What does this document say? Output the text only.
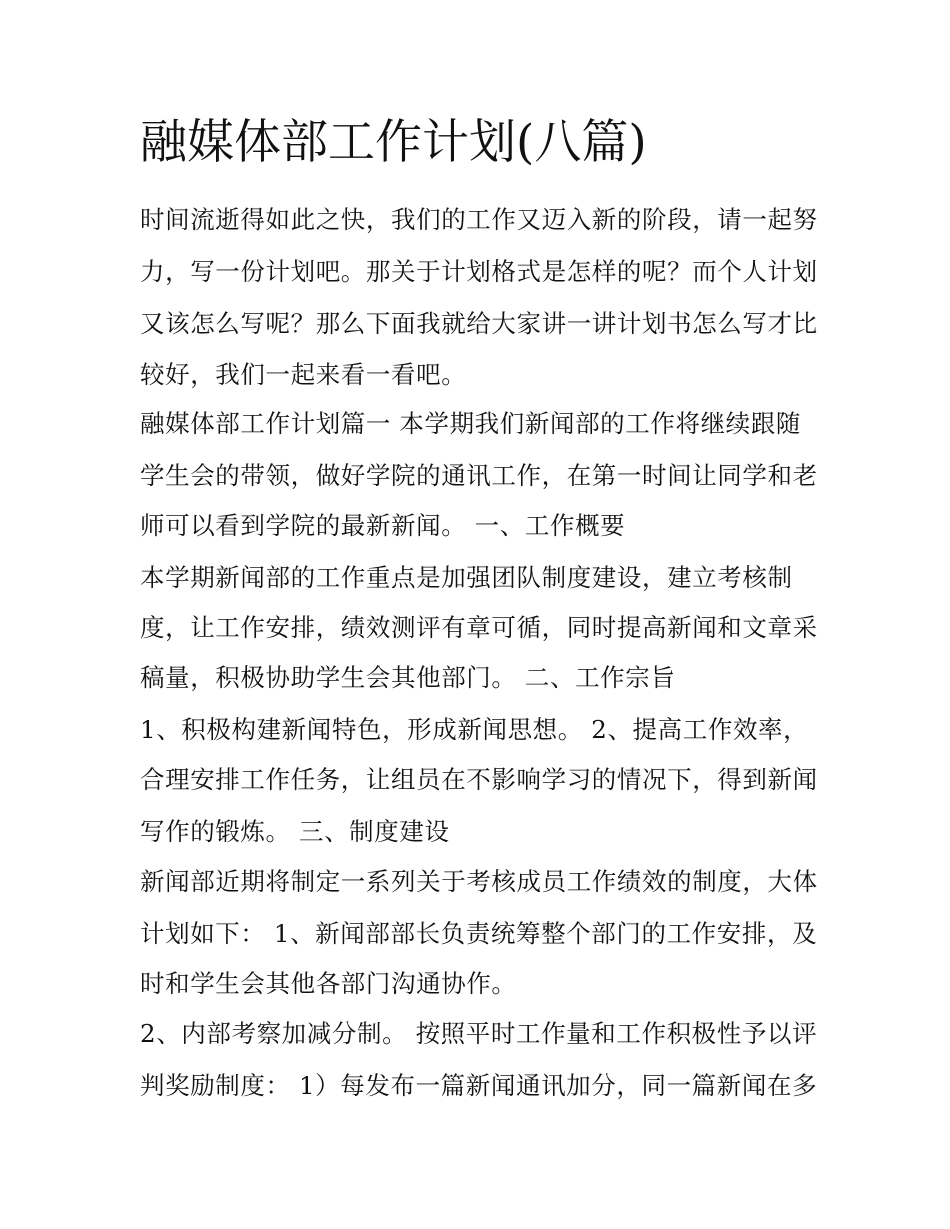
融媒体部工作计划(八篇)

时间流逝得如此之快，我们的工作又迈入新的阶段，请一起努

力，写一份计划吧。那关于计划格式是怎样的呢？而个人计划

又该怎么写呢？那么下面我就给大家讲一讲计划书怎么写才比

较好，我们一起来看一看吧。

融媒体部工作计划篇一 本学期我们新闻部的工作将继续跟随

学生会的带领，做好学院的通讯工作，在第一时间让同学和老

师可以看到学院的最新新闻。 一、工作概要

本学期新闻部的工作重点是加强团队制度建设，建立考核制

度，让工作安排，绩效测评有章可循，同时提高新闻和文章采

稿量，积极协助学生会其他部门。 二、工作宗旨

1、积极构建新闻特色，形成新闻思想。 2、提高工作效率，

合理安排工作任务，让组员在不影响学习的情况下，得到新闻

写作的锻炼。 三、制度建设

新闻部近期将制定一系列关于考核成员工作绩效的制度，大体

计划如下： 1、新闻部部长负责统筹整个部门的工作安排，及

时和学生会其他各部门沟通协作。

2、内部考察加减分制。 按照平时工作量和工作积极性予以评

判奖励制度： 1）每发布一篇新闻通讯加分，同一篇新闻在多
